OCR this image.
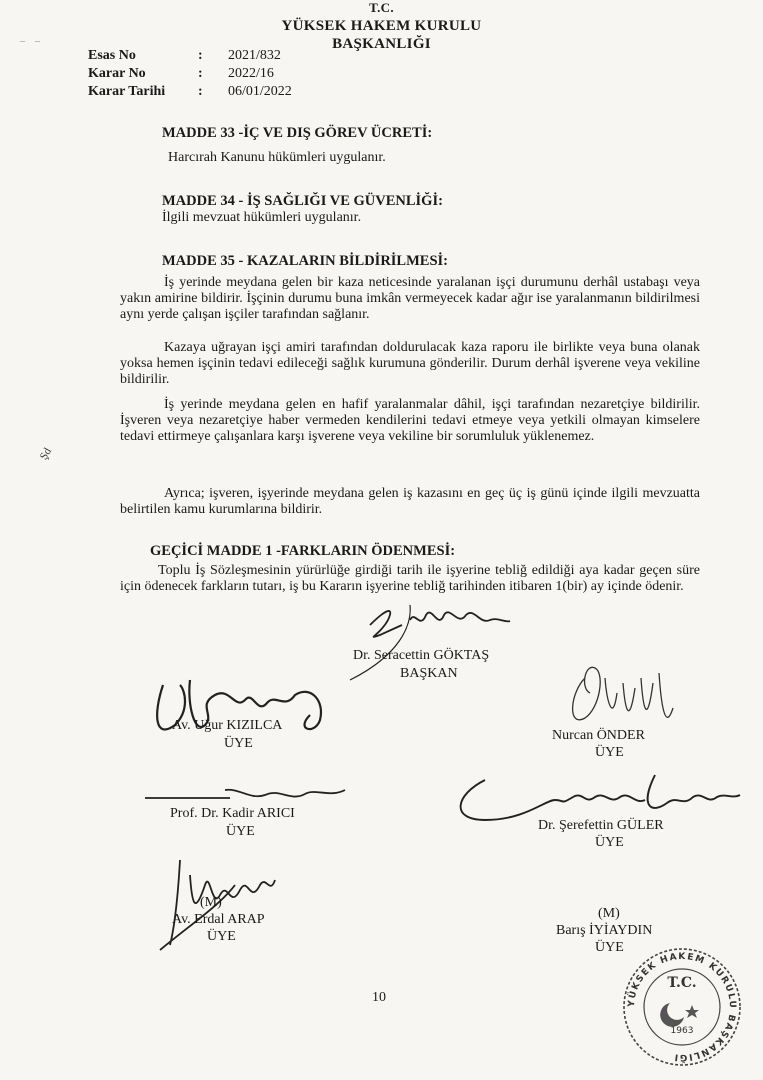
–    –
T.C.
YÜKSEK HAKEM KURULU
BAŞKANLIĞI
Esas No	:	2021/832
Karar No	:	2022/16
Karar Tarihi	:	06/01/2022
MADDE 33 -İÇ VE DIŞ GÖREV ÜCRETİ:
Harcırah Kanunu hükümleri uygulanır.
MADDE 34 - İŞ SAĞLIĞI VE GÜVENLİĞİ:
İlgili mevzuat hükümleri uygulanır.
MADDE 35 - KAZALARIN BİLDİRİLMESİ:
İş yerinde meydana gelen bir kaza neticesinde yaralanan işçi durumunu derhâl ustabaşı veya yakın amirine bildirir. İşçinin durumu buna imkân vermeyecek kadar ağır ise yaralanmanın bildirilmesi aynı yerde çalışan işçiler tarafından sağlanır.
Kazaya uğrayan işçi amiri tarafından doldurulacak kaza raporu ile birlikte veya buna olanak yoksa hemen işçinin tedavi edileceği sağlık kurumuna gönderilir. Durum derhâl işverene veya vekiline bildirilir.
İş yerinde meydana gelen en hafif yaralanmalar dâhil, işçi tarafından nezaretçiye bildirilir. İşveren veya nezaretçiye haber vermeden kendilerini tedavi etmeye veya yetkili olmayan kimselere tedavi ettirmeye çalışanlara karşı işverene veya vekiline bir sorumluluk yüklenemez.
Ayrıca; işveren, işyerinde meydana gelen iş kazasını en geç üç iş günü içinde ilgili mevzuatta belirtilen kamu kurumlarına bildirir.
GEÇİCİ MADDE 1 -FARKLARIN ÖDENMESİ:
Toplu İş Sözleşmesinin yürürlüğe girdiği tarih ile işyerine tebliğ edildiği aya kadar geçen süre için ödenecek farkların tutarı, iş bu Kararın işyerine tebliğ tarihinden itibaren 1(bir) ay içinde ödenir.
Şd
Dr. Seracettin GÖKTAŞ
BAŞKAN
Av. Uğur KIZILCA
ÜYE
Nurcan ÖNDER
ÜYE
Prof. Dr. Kadir ARICI
ÜYE	Dr. Şerefettin GÜLER
ÜYE
(M)
Av. Erdal ARAP
ÜYE
(M)
Barış İYİAYDIN
ÜYE
10	YÜKSEK HAKEM KURULU BAŞKANLIĞI
T.C.
1963
